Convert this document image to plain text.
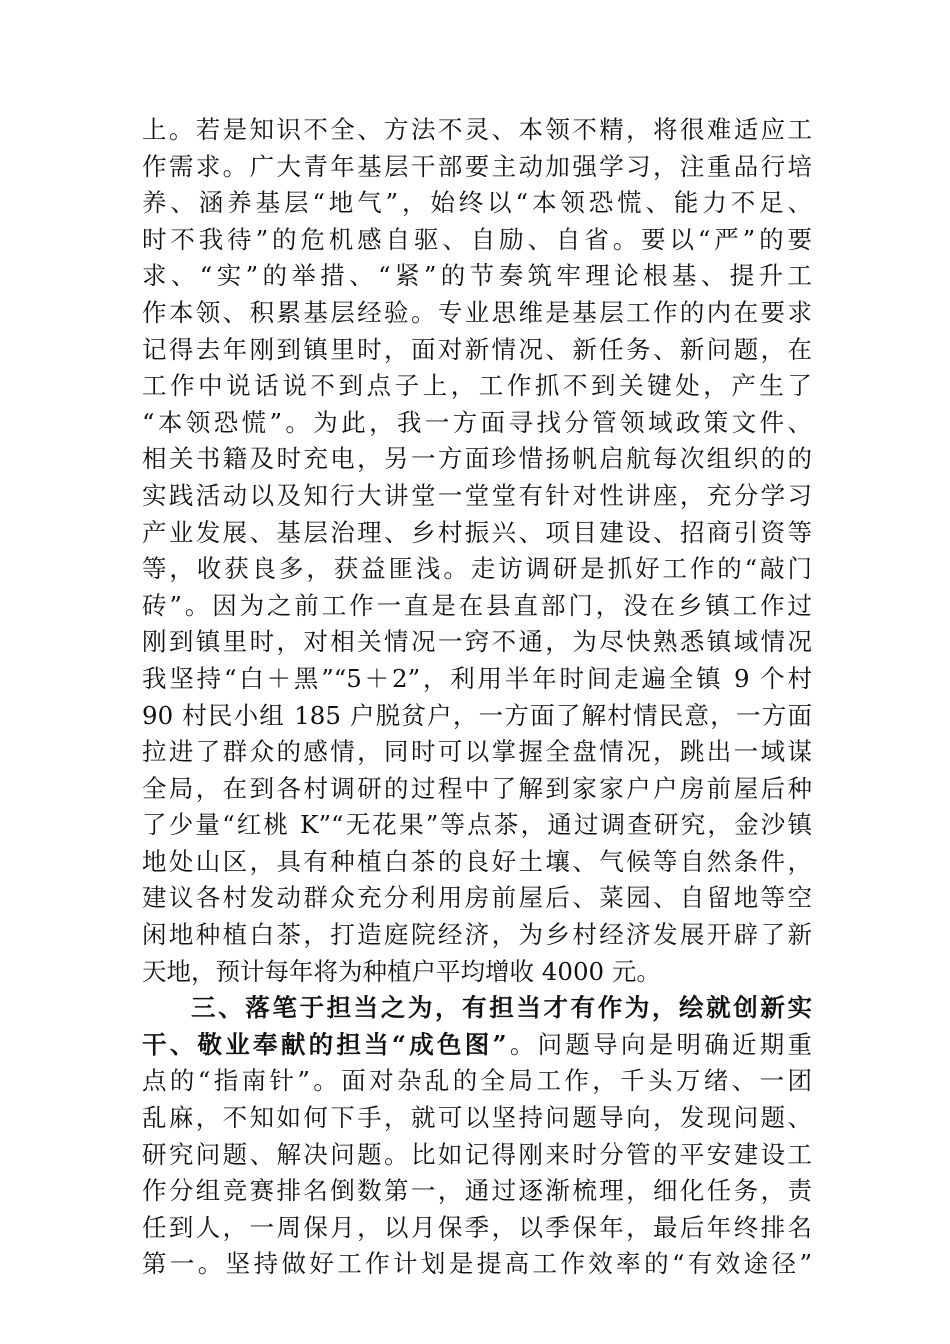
上。若是知识不全、方法不灵、本领不精，将很难适应工
作需求。广大青年基层干部要主动加强学习，注重品行培
养、涵养基层“地气”，始终以“本领恐慌、能力不足、
时不我待”的危机感自驱、自励、自省。要以“严”的要
求、“实”的举措、“紧”的节奏筑牢理论根基、提升工
作本领、积累基层经验。专业思维是基层工作的内在要求
记得去年刚到镇里时，面对新情况、新任务、新问题，在
工作中说话说不到点子上，工作抓不到关键处，产生了
“本领恐慌”。为此，我一方面寻找分管领域政策文件、
相关书籍及时充电，另一方面珍惜扬帆启航每次组织的的
实践活动以及知行大讲堂一堂堂有针对性讲座，充分学习
产业发展、基层治理、乡村振兴、项目建设、招商引资等
等，收获良多，获益匪浅。走访调研是抓好工作的“敲门
砖”。因为之前工作一直是在县直部门，没在乡镇工作过
刚到镇里时，对相关情况一窍不通，为尽快熟悉镇域情况
我坚持“白＋黑”“5＋2”，利用半年时间走遍全镇 9 个村
90 村民小组 185 户脱贫户，一方面了解村情民意，一方面
拉进了群众的感情，同时可以掌握全盘情况，跳出一域谋
全局，在到各村调研的过程中了解到家家户户房前屋后种
了少量“红桃 K”“无花果”等点茶，通过调查研究，金沙镇
地处山区，具有种植白茶的良好土壤、气候等自然条件，
建议各村发动群众充分利用房前屋后、菜园、自留地等空
闲地种植白茶，打造庭院经济，为乡村经济发展开辟了新
天地，预计每年将为种植户平均增收 4000 元。
三、落笔于担当之为，有担当才有作为，绘就创新实
干、敬业奉献的担当“成色图”。问题导向是明确近期重
点的“指南针”。面对杂乱的全局工作，千头万绪、一团
乱麻，不知如何下手，就可以坚持问题导向，发现问题、
研究问题、解决问题。比如记得刚来时分管的平安建设工
作分组竞赛排名倒数第一，通过逐渐梳理，细化任务，责
任到人，一周保月，以月保季，以季保年，最后年终排名
第一。坚持做好工作计划是提高工作效率的“有效途径”
